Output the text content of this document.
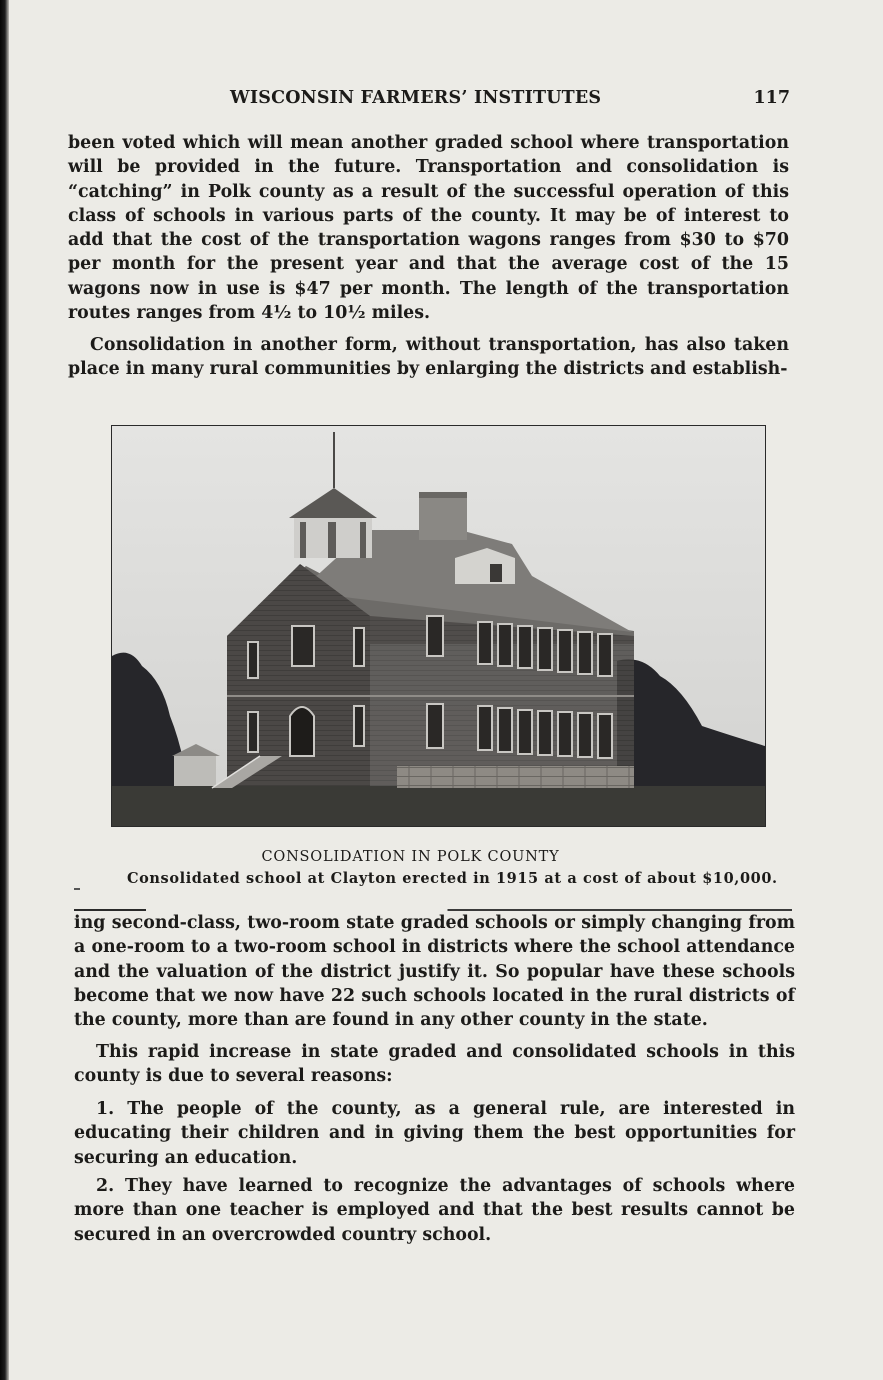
WISCONSIN FARMERS’ INSTITUTES	117

been voted which will mean another graded school where transportation will be provided in the future. Transportation and consolidation is “catching” in Polk county as a result of the successful operation of this class of schools in various parts of the county. It may be of interest to add that the cost of the transportation wagons ranges from $30 to $70 per month for the present year and that the average cost of the 15 wagons now in use is $47 per month. The length of the transportation routes ranges from 4½ to 10½ miles.

Consolidation in another form, without transportation, has also taken place in many rural communities by enlarging the districts and establish-

CONSOLIDATION IN POLK COUNTY
Consolidated school at Clayton erected in 1915 at a cost of about $10,000.

ing second-class, two-room state graded schools or simply changing from a one-room to a two-room school in districts where the school attendance and the valuation of the district justify it. So popular have these schools become that we now have 22 such schools located in the rural districts of the county, more than are found in any other county in the state.

This rapid increase in state graded and consolidated schools in this county is due to several reasons:

1. The people of the county, as a general rule, are interested in educating their children and in giving them the best opportunities for securing an education.

2. They have learned to recognize the advantages of schools where more than one teacher is employed and that the best results cannot be secured in an overcrowded country school.
